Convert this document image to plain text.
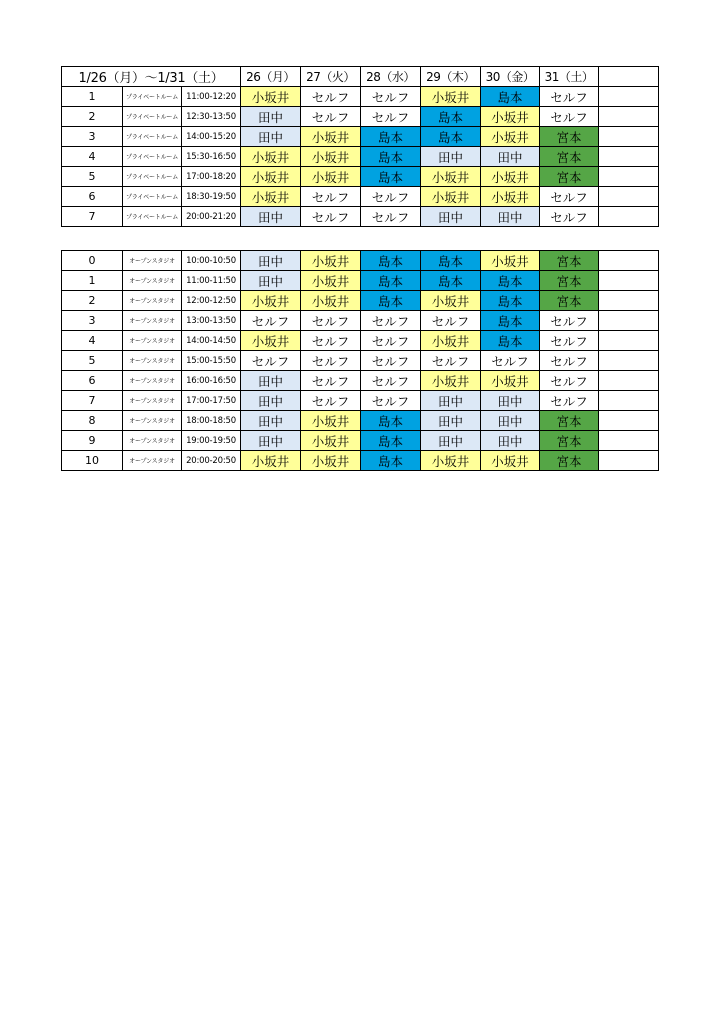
1/26（月）～1/31（土）			26（月）	27（火）	28（水）	29（木）	30（金）	31（土）	
1	プライベートルーム	11:00-12:20	小坂井	セルフ	セルフ	小坂井	島本	セルフ	
2	プライベートルーム	12:30-13:50	田中	セルフ	セルフ	島本	小坂井	セルフ	
3	プライベートルーム	14:00-15:20	田中	小坂井	島本	島本	小坂井	宮本	
4	プライベートルーム	15:30-16:50	小坂井	小坂井	島本	田中	田中	宮本	
5	プライベートルーム	17:00-18:20	小坂井	小坂井	島本	小坂井	小坂井	宮本	
6	プライベートルーム	18:30-19:50	小坂井	セルフ	セルフ	小坂井	小坂井	セルフ	
7	プライベートルーム	20:00-21:20	田中	セルフ	セルフ	田中	田中	セルフ	
0	オープンスタジオ	10:00-10:50	田中	小坂井	島本	島本	小坂井	宮本	
1	オープンスタジオ	11:00-11:50	田中	小坂井	島本	島本	島本	宮本	
2	オープンスタジオ	12:00-12:50	小坂井	小坂井	島本	小坂井	島本	宮本	
3	オープンスタジオ	13:00-13:50	セルフ	セルフ	セルフ	セルフ	島本	セルフ	
4	オープンスタジオ	14:00-14:50	小坂井	セルフ	セルフ	小坂井	島本	セルフ	
5	オープンスタジオ	15:00-15:50	セルフ	セルフ	セルフ	セルフ	セルフ	セルフ	
6	オープンスタジオ	16:00-16:50	田中	セルフ	セルフ	小坂井	小坂井	セルフ	
7	オープンスタジオ	17:00-17:50	田中	セルフ	セルフ	田中	田中	セルフ	
8	オープンスタジオ	18:00-18:50	田中	小坂井	島本	田中	田中	宮本	
9	オープンスタジオ	19:00-19:50	田中	小坂井	島本	田中	田中	宮本	
10	オープンスタジオ	20:00-20:50	小坂井	小坂井	島本	小坂井	小坂井	宮本	
